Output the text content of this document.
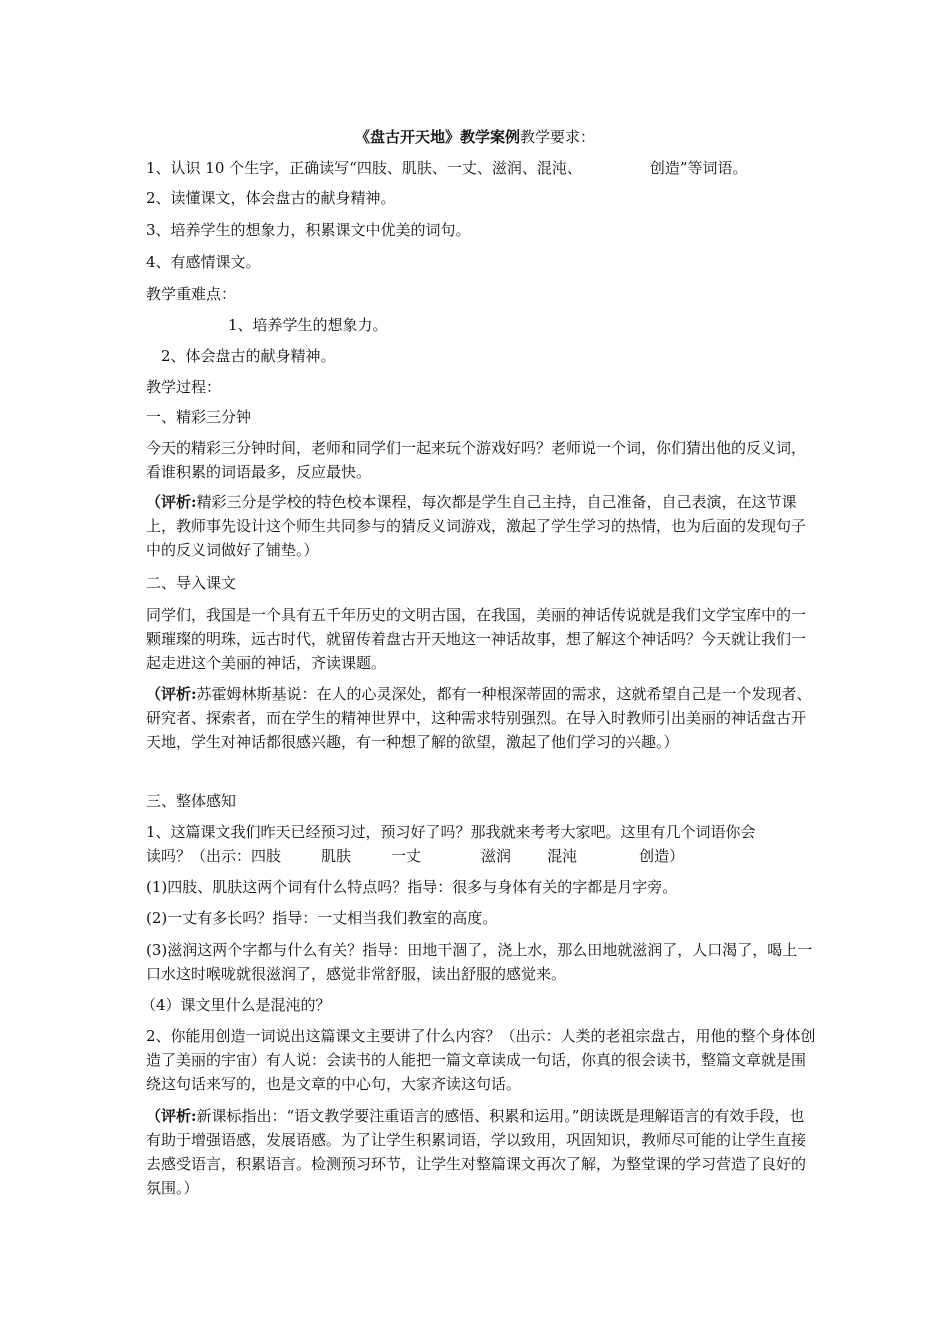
《盘古开天地》教学案例教学要求：
1、认识 10 个生字，正确读写“四肢、肌肤、一丈、滋润、混沌、	创造”等词语。
2、读懂课文，体会盘古的献身精神。
3、培养学生的想象力，积累课文中优美的词句。
4、有感情课文。
教学重难点：
1、培养学生的想象力。
2、体会盘古的献身精神。
教学过程：
一、精彩三分钟
今天的精彩三分钟时间，老师和同学们一起来玩个游戏好吗？老师说一个词，你们猜出他的反义词，看谁积累的词语最多，反应最快。
（评析:精彩三分是学校的特色校本课程，每次都是学生自己主持，自己准备，自己表演，在这节课上，教师事先设计这个师生共同参与的猜反义词游戏，激起了学生学习的热情，也为后面的发现句子中的反义词做好了铺垫。）
二、导入课文
同学们，我国是一个具有五千年历史的文明古国，在我国，美丽的神话传说就是我们文学宝库中的一颗璀璨的明珠，远古时代，就留传着盘古开天地这一神话故事，想了解这个神话吗？今天就让我们一起走进这个美丽的神话，齐读课题。
（评析:苏霍姆林斯基说：在人的心灵深处，都有一种根深蒂固的需求，这就希望自己是一个发现者、研究者、探索者，而在学生的精神世界中，这种需求特别强烈。在导入时教师引出美丽的神话盘古开天地，学生对神话都很感兴趣，有一种想了解的欲望，激起了他们学习的兴趣。）
三、整体感知
1、这篇课文我们昨天已经预习过，预习好了吗？那我就来考考大家吧。这里有几个词语你会
读吗？（出示：四肢	肌肤	一丈	滋润 混沌	创造）
(1)四肢、肌肤这两个词有什么特点吗？指导：很多与身体有关的字都是月字旁。
(2)一丈有多长吗？指导：一丈相当我们教室的高度。
(3)滋润这两个字都与什么有关？指导：田地干涸了，浇上水，那么田地就滋润了，人口渴了，喝上一口水这时喉咙就很滋润了，感觉非常舒服，读出舒服的感觉来。
（4）课文里什么是混沌的？
2、你能用创造一词说出这篇课文主要讲了什么内容？（出示：人类的老祖宗盘古，用他的整个身体创造了美丽的宇宙）有人说：会读书的人能把一篇文章读成一句话，你真的很会读书，整篇文章就是围绕这句话来写的，也是文章的中心句，大家齐读这句话。
（评析:新课标指出：“语文教学要注重语言的感悟、积累和运用。”朗读既是理解语言的有效手段，也有助于增强语感，发展语感。为了让学生积累词语，学以致用，巩固知识，教师尽可能的让学生直接去感受语言，积累语言。检测预习环节，让学生对整篇课文再次了解，为整堂课的学习营造了良好的氛围。）
